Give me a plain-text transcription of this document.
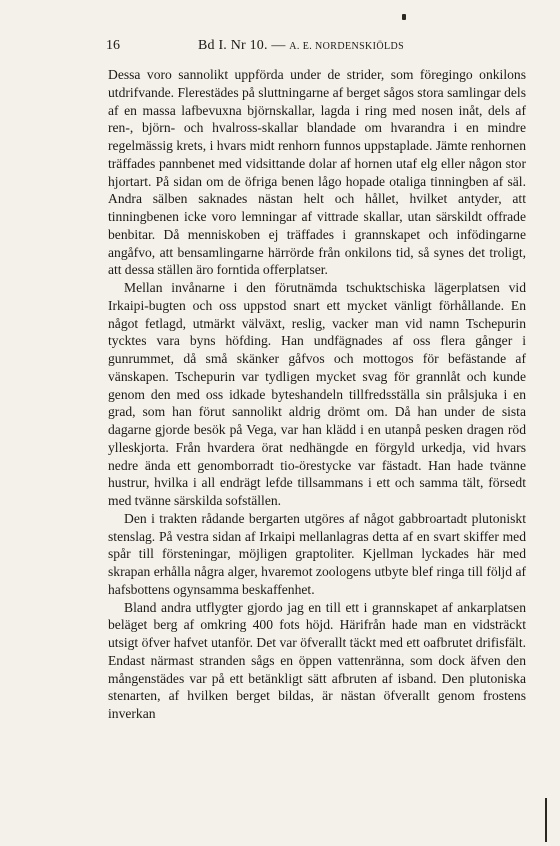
16	Bd I. Nr 10. — A. E. NORDENSKIÖLDS

Dessa voro sannolikt uppförda under de strider, som föregingo onkilons utdrifvande. Flerestädes på sluttningarne af berget sågos stora samlingar dels af en massa lafbevuxna björnskallar, lagda i ring med nosen inåt, dels af ren-, björn- och hvalross-skallar blandade om hvarandra i en mindre regelmässig krets, i hvars midt renhorn funnos uppstaplade. Jämte renhornen träffades pannbenet med vidsittande dolar af hornen utaf elg eller någon stor hjortart. På sidan om de öfriga benen lågo hopade otaliga tinningben af säl. Andra sälben saknades nästan helt och hållet, hvilket antyder, att tinningbenen icke voro lemningar af vittrade skallar, utan särskildt offrade benbitar. Då menniskoben ej träffades i grannskapet och infödingarne angåfvo, att bensamlingarne härrörde från onkilons tid, så synes det troligt, att dessa ställen äro forntida offerplatser.

Mellan invånarne i den förutnämda tschuktschiska lägerplatsen vid Irkaipi-bugten och oss uppstod snart ett mycket vänligt förhållande. En något fetlagd, utmärkt välväxt, reslig, vacker man vid namn Tschepurin tycktes vara byns höfding. Han undfägnades af oss flera gånger i gunrummet, då små skänker gåfvos och mottogos för befästande af vänskapen. Tschepurin var tydligen mycket svag för grannlåt och kunde genom den med oss idkade byteshandeln tillfredsställa sin prålsjuka i en grad, som han förut sannolikt aldrig drömt om. Då han under de sista dagarne gjorde besök på Vega, var han klädd i en utanpå pesken dragen röd ylleskjorta. Från hvardera örat nedhängde en förgyld urkedja, vid hvars nedre ända ett genomborradt tio-örestycke var fästadt. Han hade tvänne hustrur, hvilka i all endrägt lefde tillsammans i ett och samma tält, försedt med tvänne särskilda sofställen.

Den i trakten rådande bergarten utgöres af något gabbroartadt plutoniskt stenslag. På vestra sidan af Irkaipi mellanlagras detta af en svart skiffer med spår till försteningar, möjligen graptoliter. Kjellman lyckades här med skrapan erhålla några alger, hvaremot zoologens utbyte blef ringa till följd af hafsbottens ogynsamma beskaffenhet.

Bland andra utflygter gjordo jag en till ett i grannskapet af ankarplatsen beläget berg af omkring 400 fots höjd. Härifrån hade man en vidsträckt utsigt öfver hafvet utanför. Det var öfverallt täckt med ett oafbrutet drifisfält. Endast närmast stranden sågs en öppen vattenränna, som dock äfven den mångenstädes var på ett betänkligt sätt afbruten af isband. Den plutoniska stenarten, af hvilken berget bildas, är nästan öfverallt genom frostens inverkan
